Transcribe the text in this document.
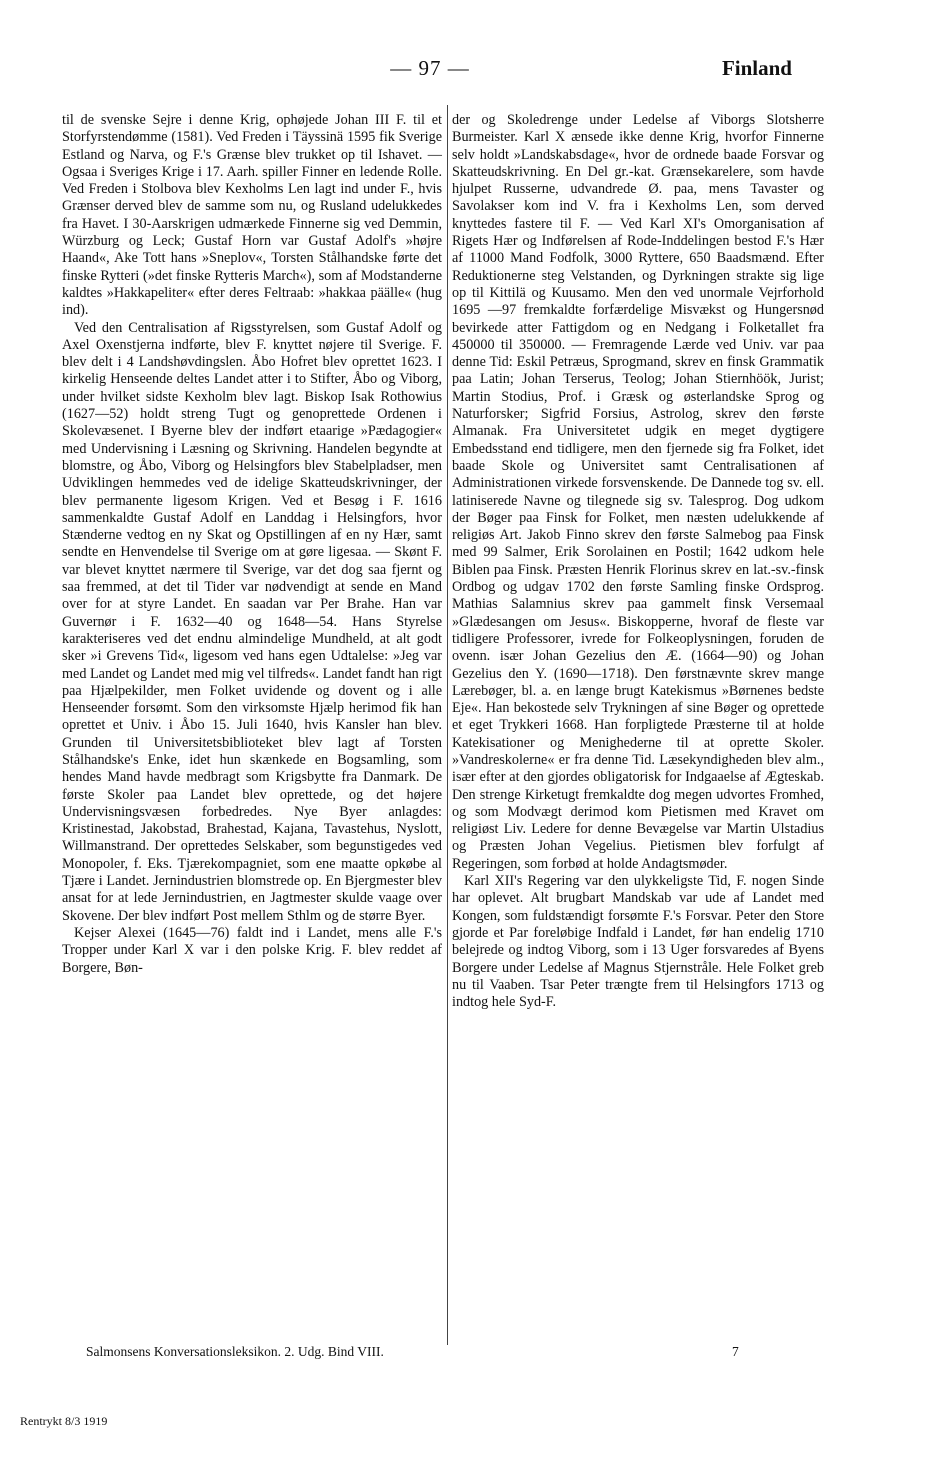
— 97 —	Finland

til de svenske Sejre i denne Krig, ophøjede Johan III F. til et Storfyrstendømme (1581). Ved Freden i Täyssinä 1595 fik Sverige Estland og Narva, og F.'s Grænse blev trukket op til Ishavet. — Ogsaa i Sveriges Krige i 17. Aarh. spiller Finner en ledende Rolle. Ved Freden i Stolbova blev Kexholms Len lagt ind under F., hvis Grænser derved blev de samme som nu, og Rusland udelukkedes fra Havet. I 30-Aarskrigen udmærkede Finnerne sig ved Demmin, Würzburg og Leck; Gustaf Horn var Gustaf Adolf's »højre Haand«, Ake Tott hans »Sneplov«, Torsten Stålhandske førte det finske Rytteri (»det finske Rytteris March«), som af Modstanderne kaldtes »Hakkapeliter« efter deres Feltraab: »hakkaa päälle« (hug ind).

Ved den Centralisation af Rigsstyrelsen, som Gustaf Adolf og Axel Oxenstjerna indførte, blev F. knyttet nøjere til Sverige. F. blev delt i 4 Landshøvdingslen. Åbo Hofret blev oprettet 1623. I kirkelig Henseende deltes Landet atter i to Stifter, Åbo og Viborg, under hvilket sidste Kexholm blev lagt. Biskop Isak Rothowius (1627—52) holdt streng Tugt og genoprettede Ordenen i Skolevæsenet. I Byerne blev der indført etaarige »Pædagogier« med Undervisning i Læsning og Skrivning. Handelen begyndte at blomstre, og Åbo, Viborg og Helsingfors blev Stabelpladser, men Udviklingen hemmedes ved de idelige Skatteudskrivninger, der blev permanente ligesom Krigen. Ved et Besøg i F. 1616 sammenkaldte Gustaf Adolf en Landdag i Helsingfors, hvor Stænderne vedtog en ny Skat og Opstillingen af en ny Hær, samt sendte en Henvendelse til Sverige om at gøre ligesaa. — Skønt F. var blevet knyttet nærmere til Sverige, var det dog saa fjernt og saa fremmed, at det til Tider var nødvendigt at sende en Mand over for at styre Landet. En saadan var Per Brahe. Han var Guvernør i F. 1632—40 og 1648—54. Hans Styrelse karakteriseres ved det endnu almindelige Mundheld, at alt godt sker »i Grevens Tid«, ligesom ved hans egen Udtalelse: »Jeg var med Landet og Landet med mig vel tilfreds«. Landet fandt han rigt paa Hjælpekilder, men Folket uvidende og dovent og i alle Henseender forsømt. Som den virksomste Hjælp herimod fik han oprettet et Univ. i Åbo 15. Juli 1640, hvis Kansler han blev. Grunden til Universitetsbiblioteket blev lagt af Torsten Stålhandske's Enke, idet hun skænkede en Bogsamling, som hendes Mand havde medbragt som Krigsbytte fra Danmark. De første Skoler paa Landet blev oprettede, og det højere Undervisningsvæsen forbedredes. Nye Byer anlagdes: Kristinestad, Jakobstad, Brahestad, Kajana, Tavastehus, Nyslott, Willmanstrand. Der oprettedes Selskaber, som begunstigedes ved Monopoler, f. Eks. Tjærekompagniet, som ene maatte opkøbe al Tjære i Landet. Jernindustrien blomstrede op. En Bjergmester blev ansat for at lede Jernindustrien, en Jagtmester skulde vaage over Skovene. Der blev indført Post mellem Sthlm og de større Byer.

Kejser Alexei (1645—76) faldt ind i Landet, mens alle F.'s Tropper under Karl X var i den polske Krig. F. blev reddet af Borgere, Bøn-

der og Skoledrenge under Ledelse af Viborgs Slotsherre Burmeister. Karl X ænsede ikke denne Krig, hvorfor Finnerne selv holdt »Landskabsdage«, hvor de ordnede baade Forsvar og Skatteudskrivning. En Del gr.-kat. Grænsekarelere, som havde hjulpet Russerne, udvandrede Ø. paa, mens Tavaster og Savolakser kom ind V. fra i Kexholms Len, som derved knyttedes fastere til F. — Ved Karl XI's Omorganisation af Rigets Hær og Indførelsen af Rode-Inddelingen bestod F.'s Hær af 11000 Mand Fodfolk, 3000 Ryttere, 650 Baadsmænd. Efter Reduktionerne steg Velstanden, og Dyrkningen strakte sig lige op til Kittilä og Kuusamo. Men den ved unormale Vejrforhold 1695 —97 fremkaldte forfærdelige Misvækst og Hungersnød bevirkede atter Fattigdom og en Nedgang i Folketallet fra 450000 til 350000. — Fremragende Lærde ved Univ. var paa denne Tid: Eskil Petræus, Sprogmand, skrev en finsk Grammatik paa Latin; Johan Terserus, Teolog; Johan Stiernhöök, Jurist; Martin Stodius, Prof. i Græsk og østerlandske Sprog og Naturforsker; Sigfrid Forsius, Astrolog, skrev den første Almanak. Fra Universitetet udgik en meget dygtigere Embedsstand end tidligere, men den fjernede sig fra Folket, idet baade Skole og Universitet samt Centralisationen af Administrationen virkede forsvenskende. De Dannede tog sv. ell. latiniserede Navne og tilegnede sig sv. Talesprog. Dog udkom der Bøger paa Finsk for Folket, men næsten udelukkende af religiøs Art. Jakob Finno skrev den første Salmebog paa Finsk med 99 Salmer, Erik Sorolainen en Postil; 1642 udkom hele Biblen paa Finsk. Præsten Henrik Florinus skrev en lat.-sv.-finsk Ordbog og udgav 1702 den første Samling finske Ordsprog. Mathias Salamnius skrev paa gammelt finsk Versemaal »Glædesangen om Jesus«. Biskopperne, hvoraf de fleste var tidligere Professorer, ivrede for Folkeoplysningen, foruden de ovenn. især Johan Gezelius den Æ. (1664—90) og Johan Gezelius den Y. (1690—1718). Den førstnævnte skrev mange Lærebøger, bl. a. en længe brugt Katekismus »Børnenes bedste Eje«. Han bekostede selv Trykningen af sine Bøger og oprettede et eget Trykkeri 1668. Han forpligtede Præsterne til at holde Katekisationer og Menighederne til at oprette Skoler. »Vandreskolerne« er fra denne Tid. Læsekyndigheden blev alm., især efter at den gjordes obligatorisk for Indgaaelse af Ægteskab. Den strenge Kirketugt fremkaldte dog megen udvortes Fromhed, og som Modvægt derimod kom Pietismen med Kravet om religiøst Liv. Ledere for denne Bevægelse var Martin Ulstadius og Præsten Johan Vegelius. Pietismen blev forfulgt af Regeringen, som forbød at holde Andagtsmøder.

Karl XII's Regering var den ulykkeligste Tid, F. nogen Sinde har oplevet. Alt brugbart Mandskab var ude af Landet med Kongen, som fuldstændigt forsømte F.'s Forsvar. Peter den Store gjorde et Par foreløbige Indfald i Landet, før han endelig 1710 belejrede og indtog Viborg, som i 13 Uger forsvaredes af Byens Borgere under Ledelse af Magnus Stjernstråle. Hele Folket greb nu til Vaaben. Tsar Peter trængte frem til Helsingfors 1713 og indtog hele Syd-F.

Salmonsens Konversationsleksikon. 2. Udg. Bind VIII.	7
Rentrykt 8/3 1919
